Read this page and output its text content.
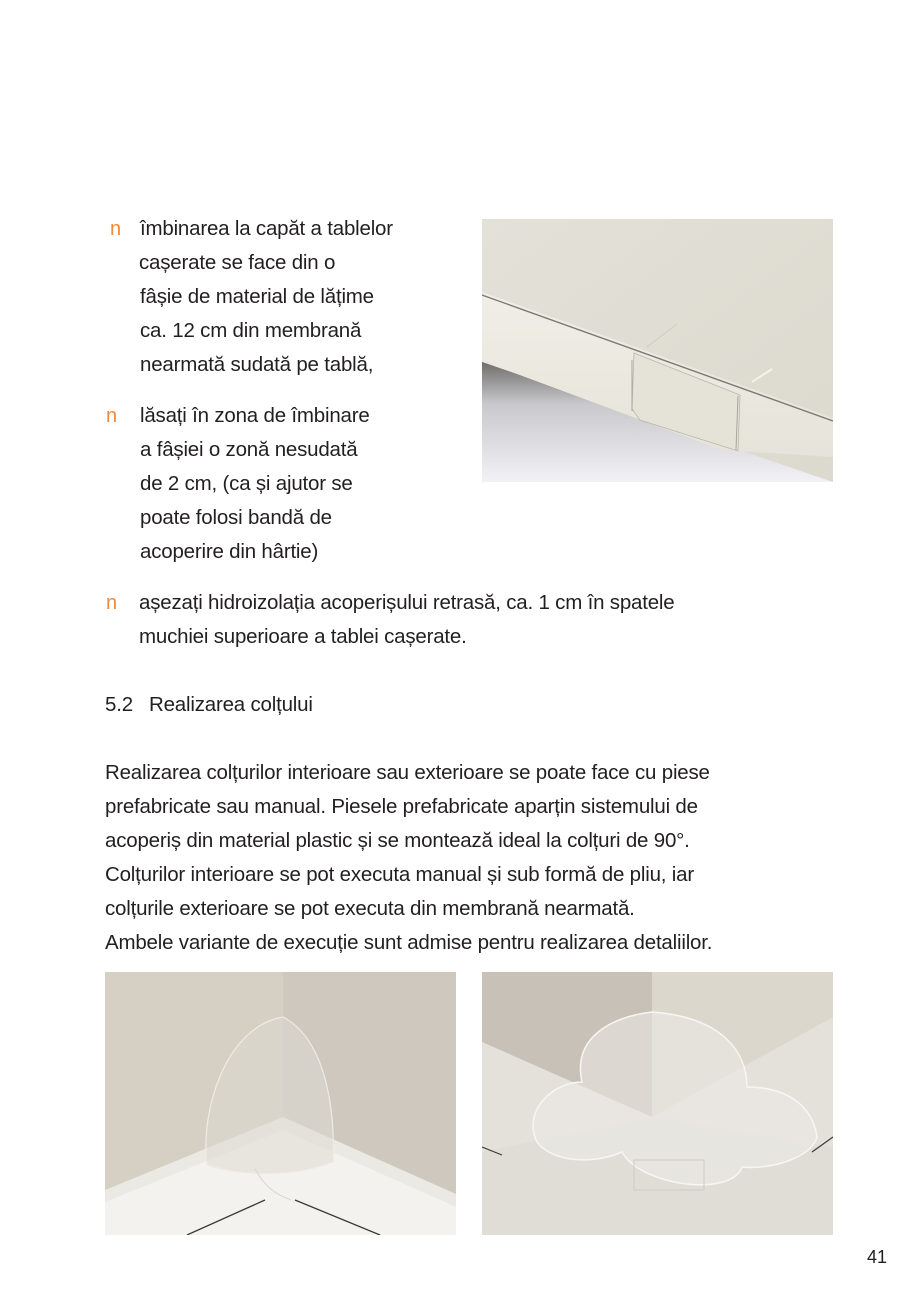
n îmbinarea la capăt a tablelor
cașerate se face din o
fâșie de material de lățime
ca. 12 cm din membrană
nearmată sudată pe tablă,
n lăsați în zona de îmbinare
a fâșiei o zonă nesudată
de 2 cm, (ca și ajutor se
poate folosi bandă de
acoperire din hârtie)
n așezați hidroizolația acoperișului retrasă, ca. 1 cm în spatele
muchiei superioare a tablei cașerate.
5.2 Realizarea colțului
Realizarea colțurilor interioare sau exterioare se poate face cu piese
prefabricate sau manual. Piesele prefabricate aparțin sistemului de
acoperiș din material plastic și se montează ideal la colțuri de 90°.
Colțurilor interioare se pot executa manual și sub formă de pliu, iar
colțurile exterioare se pot executa din membrană nearmată.
Ambele variante de execuție sunt admise pentru realizarea detaliilor.
41
